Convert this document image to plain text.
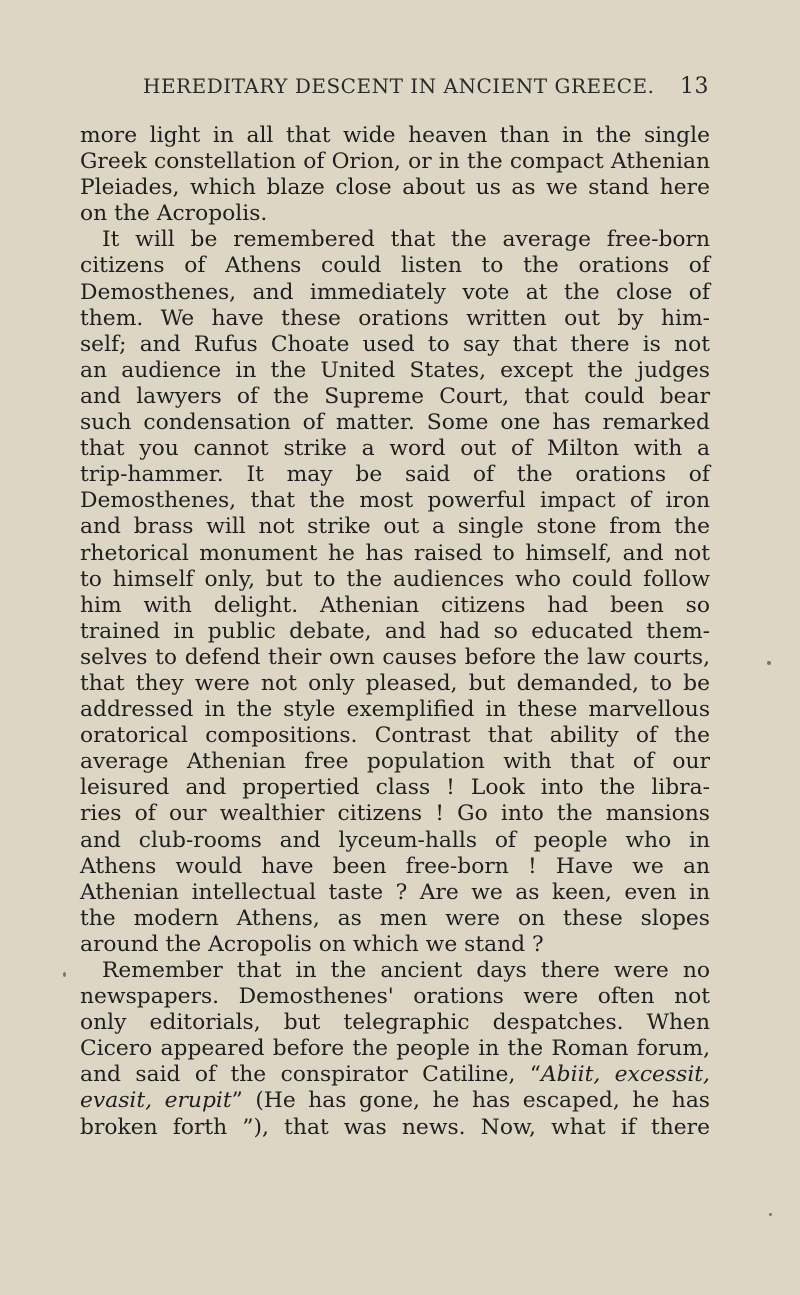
HEREDITARY DESCENT IN ANCIENT GREECE. 13
more light in all that wide heaven than in the single
Greek constellation of Orion, or in the compact Athenian
Pleiades, which blaze close about us as we stand here
on the Acropolis.
It will be remembered that the average free-born
citizens of Athens could listen to the orations of
Demosthenes, and immediately vote at the close of
them. We have these orations written out by him-
self; and Rufus Choate used to say that there is not
an audience in the United States, except the judges
and lawyers of the Supreme Court, that could bear
such condensation of matter. Some one has remarked
that you cannot strike a word out of Milton with a
trip-hammer. It may be said of the orations of
Demosthenes, that the most powerful impact of iron
and brass will not strike out a single stone from the
rhetorical monument he has raised to himself, and not
to himself only, but to the audiences who could follow
him with delight. Athenian citizens had been so
trained in public debate, and had so educated them-
selves to defend their own causes before the law courts,
that they were not only pleased, but demanded, to be
addressed in the style exemplified in these marvellous
oratorical compositions. Contrast that ability of the
average Athenian free population with that of our
leisured and propertied class ! Look into the libra-
ries of our wealthier citizens ! Go into the mansions
and club-rooms and lyceum-halls of people who in
Athens would have been free-born ! Have we an
Athenian intellectual taste ? Are we as keen, even in
the modern Athens, as men were on these slopes
around the Acropolis on which we stand ?
Remember that in the ancient days there were no
newspapers. Demosthenes' orations were often not
only editorials, but telegraphic despatches. When
Cicero appeared before the people in the Roman forum,
and said of the conspirator Catiline, “Abiit, excessit,
evasit, erupit” (He has gone, he has escaped, he has
broken forth ”), that was news. Now, what if there
